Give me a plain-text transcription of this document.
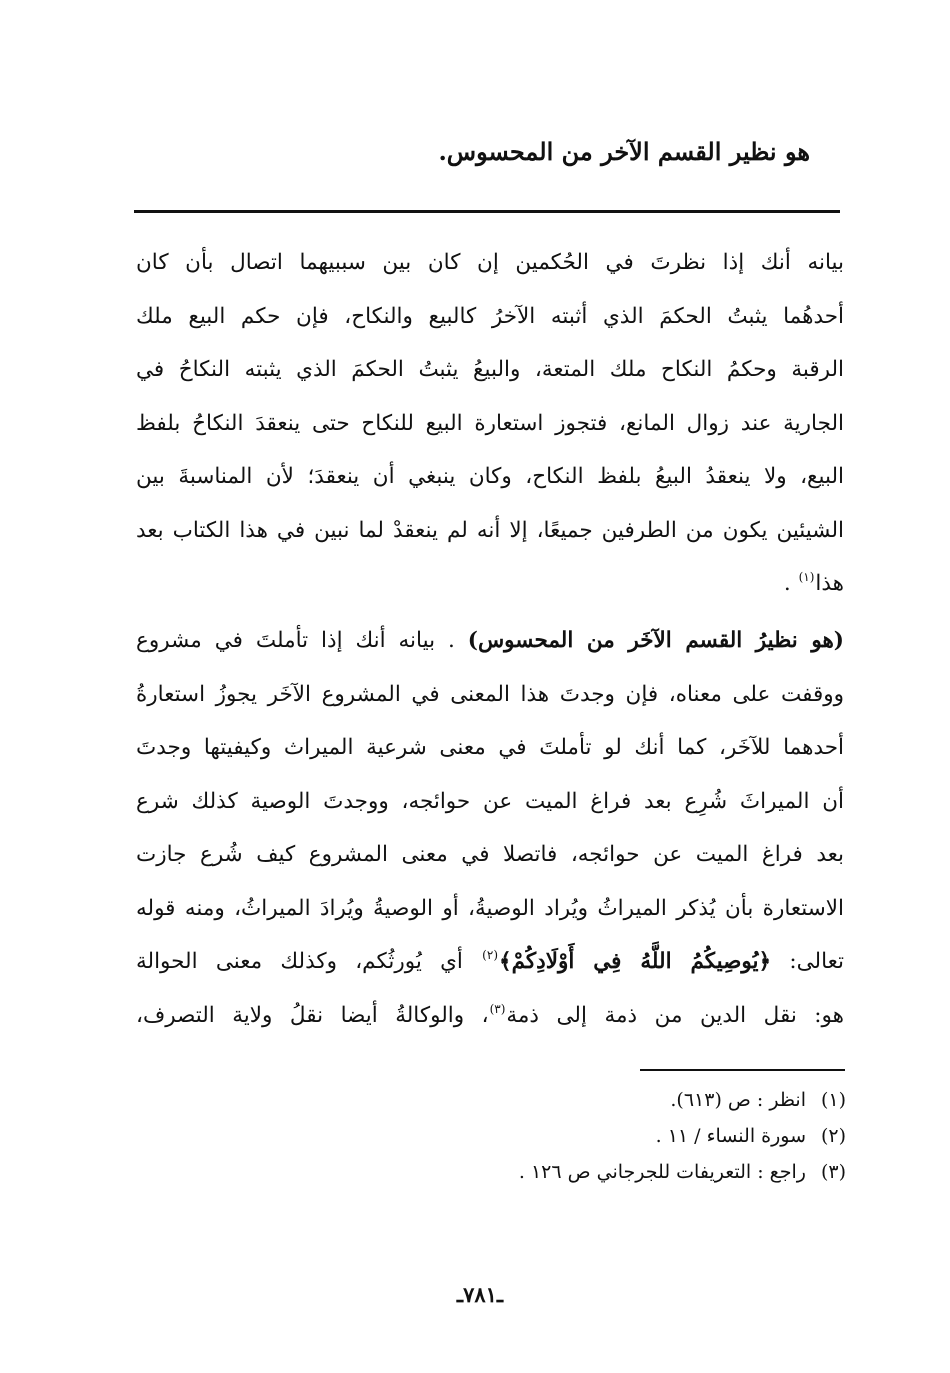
هو نظير القسم الآخر من المحسوس.
بيانه أنك إذا نظرتَ في الحُكمين إن كان بين سببيهما اتصال بأن كان
أحدهُما يثبتُ الحكمَ الذي أثبته الآخرُ كالبيع والنكاح، فإن حكم البيع ملك
الرقبة وحكمُ النكاح ملك المتعة، والبيعُ يثبتُ الحكمَ الذي يثبته النكاحُ في
الجارية عند زوال المانع، فتجوز استعارة البيع للنكاح حتى ينعقدَ النكاحُ بلفظ
البيع، ولا ينعقدُ البيعُ بلفظ النكاح، وكان ينبغي أن ينعقدَ؛ لأن المناسبةَ بين
الشيئين يكون من الطرفين جميعًا، إلا أنه لم ينعقدْ لما نبين في هذا الكتاب بعد
هذا$^{(١)}$ .
(هو نظيرُ القسم الآخَر من المحسوس) . بيانه أنك إذا تأملتَ في مشروع
ووقفت على معناه، فإن وجدتَ هذا المعنى في المشروع الآخَر يجوزُ استعارةُ
أحدهما للآخَر، كما أنك لو تأملتَ في معنى شرعية الميراث وكيفيتها وجدتَ
أن الميراثَ شُرِع بعد فراغ الميت عن حوائجه، ووجدتَ الوصية كذلك شرع
بعد فراغ الميت عن حوائجه، فاتصلا في معنى المشروع كيف شُرع جازت
الاستعارة بأن يُذكر الميراثُ ويُراد الوصيةُ، أو الوصيةُ ويُرادَ الميراثُ، ومنه قوله
تعالى: ﴿يُوصِيكُمُ اللَّهُ فِي أَوْلَادِكُمْ﴾$^{(٢)}$ أي يُورثُكم، وكذلك معنى الحوالة
هو: نقل الدين من ذمة إلى ذمة$^{(٣)}$، والوكالةُ أيضا نقلُ ولاية التصرف،
(١)انظر : ص (٦١٣).
(٢)سورة النساء / ١١ .
(٣)راجع : التعريفات للجرجاني ص ١٢٦ .
ـ٧٨١ـ
